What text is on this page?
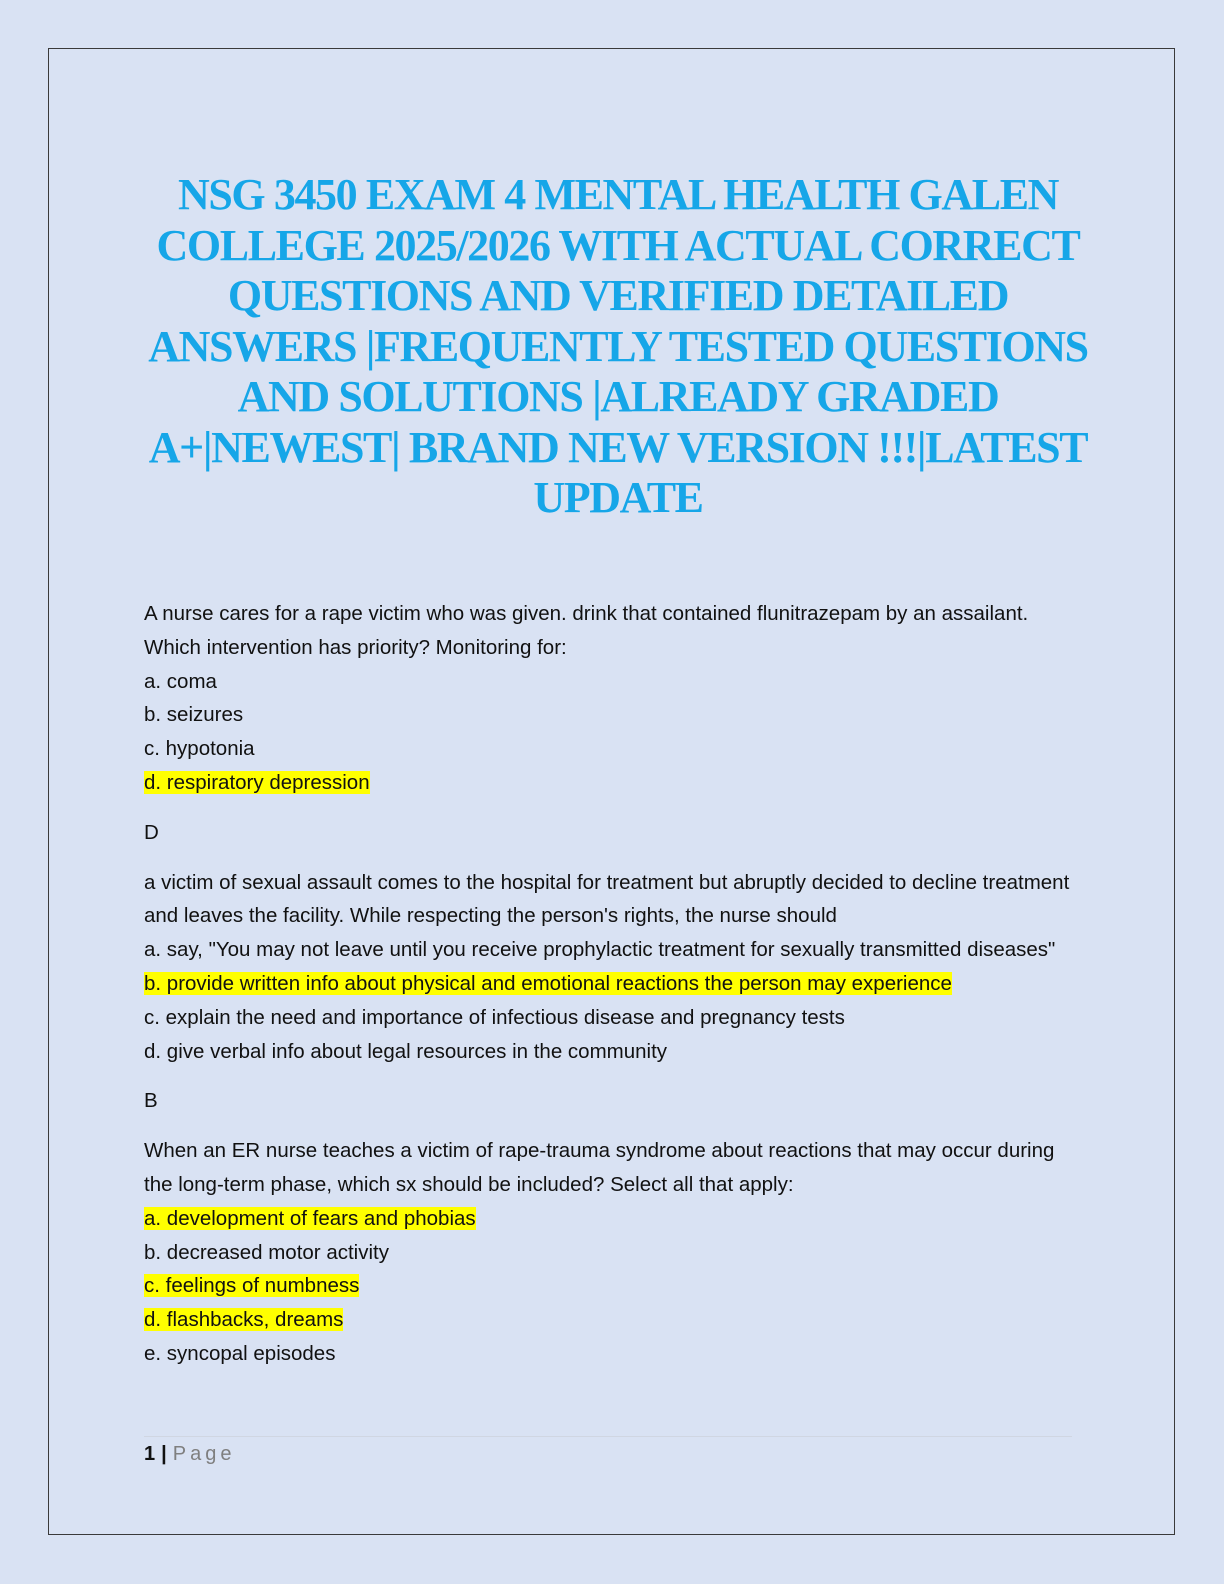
NSG 3450 EXAM 4 MENTAL HEALTH GALEN COLLEGE 2025/2026 WITH ACTUAL CORRECT QUESTIONS AND VERIFIED DETAILED ANSWERS |FREQUENTLY TESTED QUESTIONS AND SOLUTIONS |ALREADY GRADED A+|NEWEST| BRAND NEW VERSION !!!|LATEST UPDATE
A nurse cares for a rape victim who was given. drink that contained flunitrazepam by an assailant. Which intervention has priority? Monitoring for:
a. coma
b. seizures
c. hypotonia
d. respiratory depression
D
a victim of sexual assault comes to the hospital for treatment but abruptly decided to decline treatment and leaves the facility. While respecting the person's rights, the nurse should
a. say, "You may not leave until you receive prophylactic treatment for sexually transmitted diseases"
b. provide written info about physical and emotional reactions the person may experience
c. explain the need and importance of infectious disease and pregnancy tests
d. give verbal info about legal resources in the community
B
When an ER nurse teaches a victim of rape-trauma syndrome about reactions that may occur during the long-term phase, which sx should be included? Select all that apply:
a. development of fears and phobias
b. decreased motor activity
c. feelings of numbness
d. flashbacks, dreams
e. syncopal episodes
1 | Page
